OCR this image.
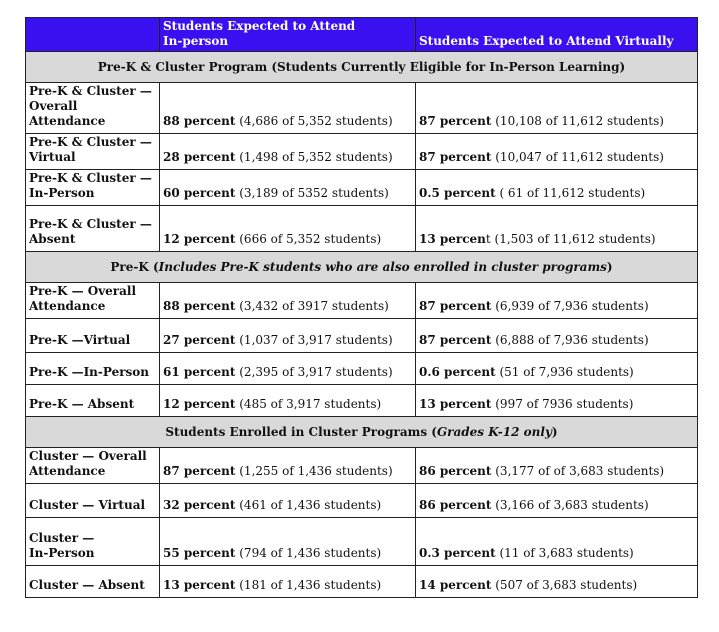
	Students Expected to Attend
In-person	Students Expected to Attend Virtually
Pre-K & Cluster Program (Students Currently Eligible for In-Person Learning)		
Pre-K & Cluster —
Overall Attendance	88 percent (4,686 of 5,352 students)	87 percent (10,108 of 11,612 students)
Pre-K & Cluster —
Virtual	28 percent (1,498 of 5,352 students)	87 percent (10,047 of 11,612 students)
Pre-K & Cluster —
In-Person	60 percent (3,189 of 5352 students)	0.5 percent ( 61 of 11,612 students)
Pre-K & Cluster —
Absent	12 percent (666 of 5,352 students)	13 percent (1,503 of 11,612 students)
Pre-K (Includes Pre-K students who are also enrolled in cluster programs)		
Pre-K — Overall
Attendance	88 percent (3,432 of 3917 students)	87 percent (6,939 of 7,936 students)
Pre-K —Virtual	27 percent (1,037 of 3,917 students)	87 percent (6,888 of 7,936 students)
Pre-K —In-Person	61 percent (2,395 of 3,917 students)	0.6 percent (51 of 7,936 students)
Pre-K — Absent	12 percent (485 of 3,917 students)	13 percent (997 of 7936 students)
Students Enrolled in Cluster Programs (Grades K-12 only)		
Cluster — Overall
Attendance	87 percent (1,255 of 1,436 students)	86 percent (3,177 of of 3,683 students)
Cluster — Virtual	32 percent (461 of 1,436 students)	86 percent (3,166 of 3,683 students)
Cluster —
In-Person	55 percent (794 of 1,436 students)	0.3 percent (11 of 3,683 students)
Cluster — Absent	13 percent (181 of 1,436 students)	14 percent (507 of 3,683 students)
